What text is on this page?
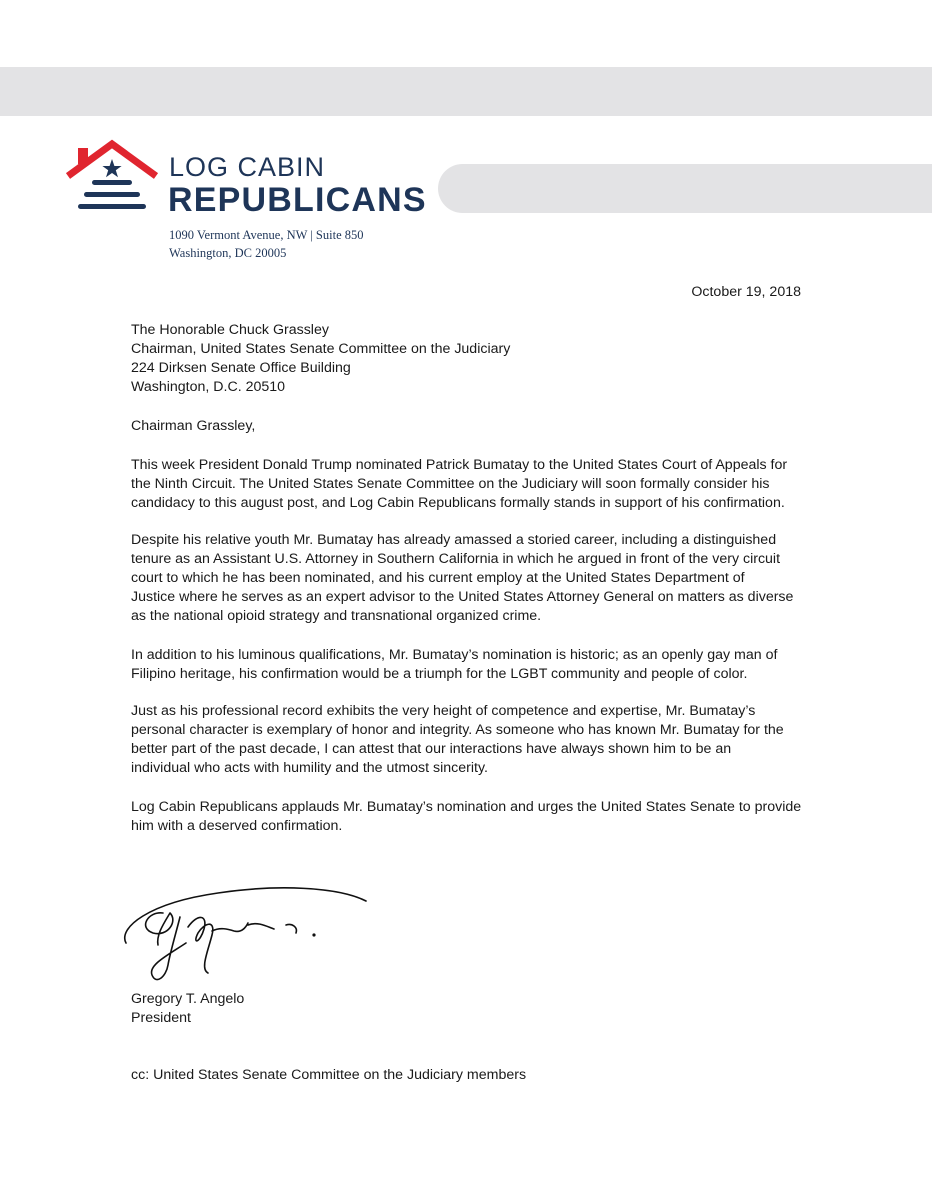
LOG CABIN
REPUBLICANS
1090 Vermont Avenue, NW | Suite 850
Washington, DC 20005
October 19, 2018
The Honorable Chuck Grassley
Chairman, United States Senate Committee on the Judiciary
224 Dirksen Senate Office Building
Washington, D.C. 20510
Chairman Grassley,
This week President Donald Trump nominated Patrick Bumatay to the United States Court of Appeals for
the Ninth Circuit. The United States Senate Committee on the Judiciary will soon formally consider his
candidacy to this august post, and Log Cabin Republicans formally stands in support of his confirmation.
Despite his relative youth Mr. Bumatay has already amassed a storied career, including a distinguished
tenure as an Assistant U.S. Attorney in Southern California in which he argued in front of the very circuit
court to which he has been nominated, and his current employ at the United States Department of
Justice where he serves as an expert advisor to the United States Attorney General on matters as diverse
as the national opioid strategy and transnational organized crime.
In addition to his luminous qualifications, Mr. Bumatay’s nomination is historic; as an openly gay man of
Filipino heritage, his confirmation would be a triumph for the LGBT community and people of color.
Just as his professional record exhibits the very height of competence and expertise, Mr. Bumatay’s
personal character is exemplary of honor and integrity. As someone who has known Mr. Bumatay for the
better part of the past decade, I can attest that our interactions have always shown him to be an
individual who acts with humility and the utmost sincerity.
Log Cabin Republicans applauds Mr. Bumatay’s nomination and urges the United States Senate to provide
him with a deserved confirmation.
Gregory T. Angelo
President
cc: United States Senate Committee on the Judiciary members
